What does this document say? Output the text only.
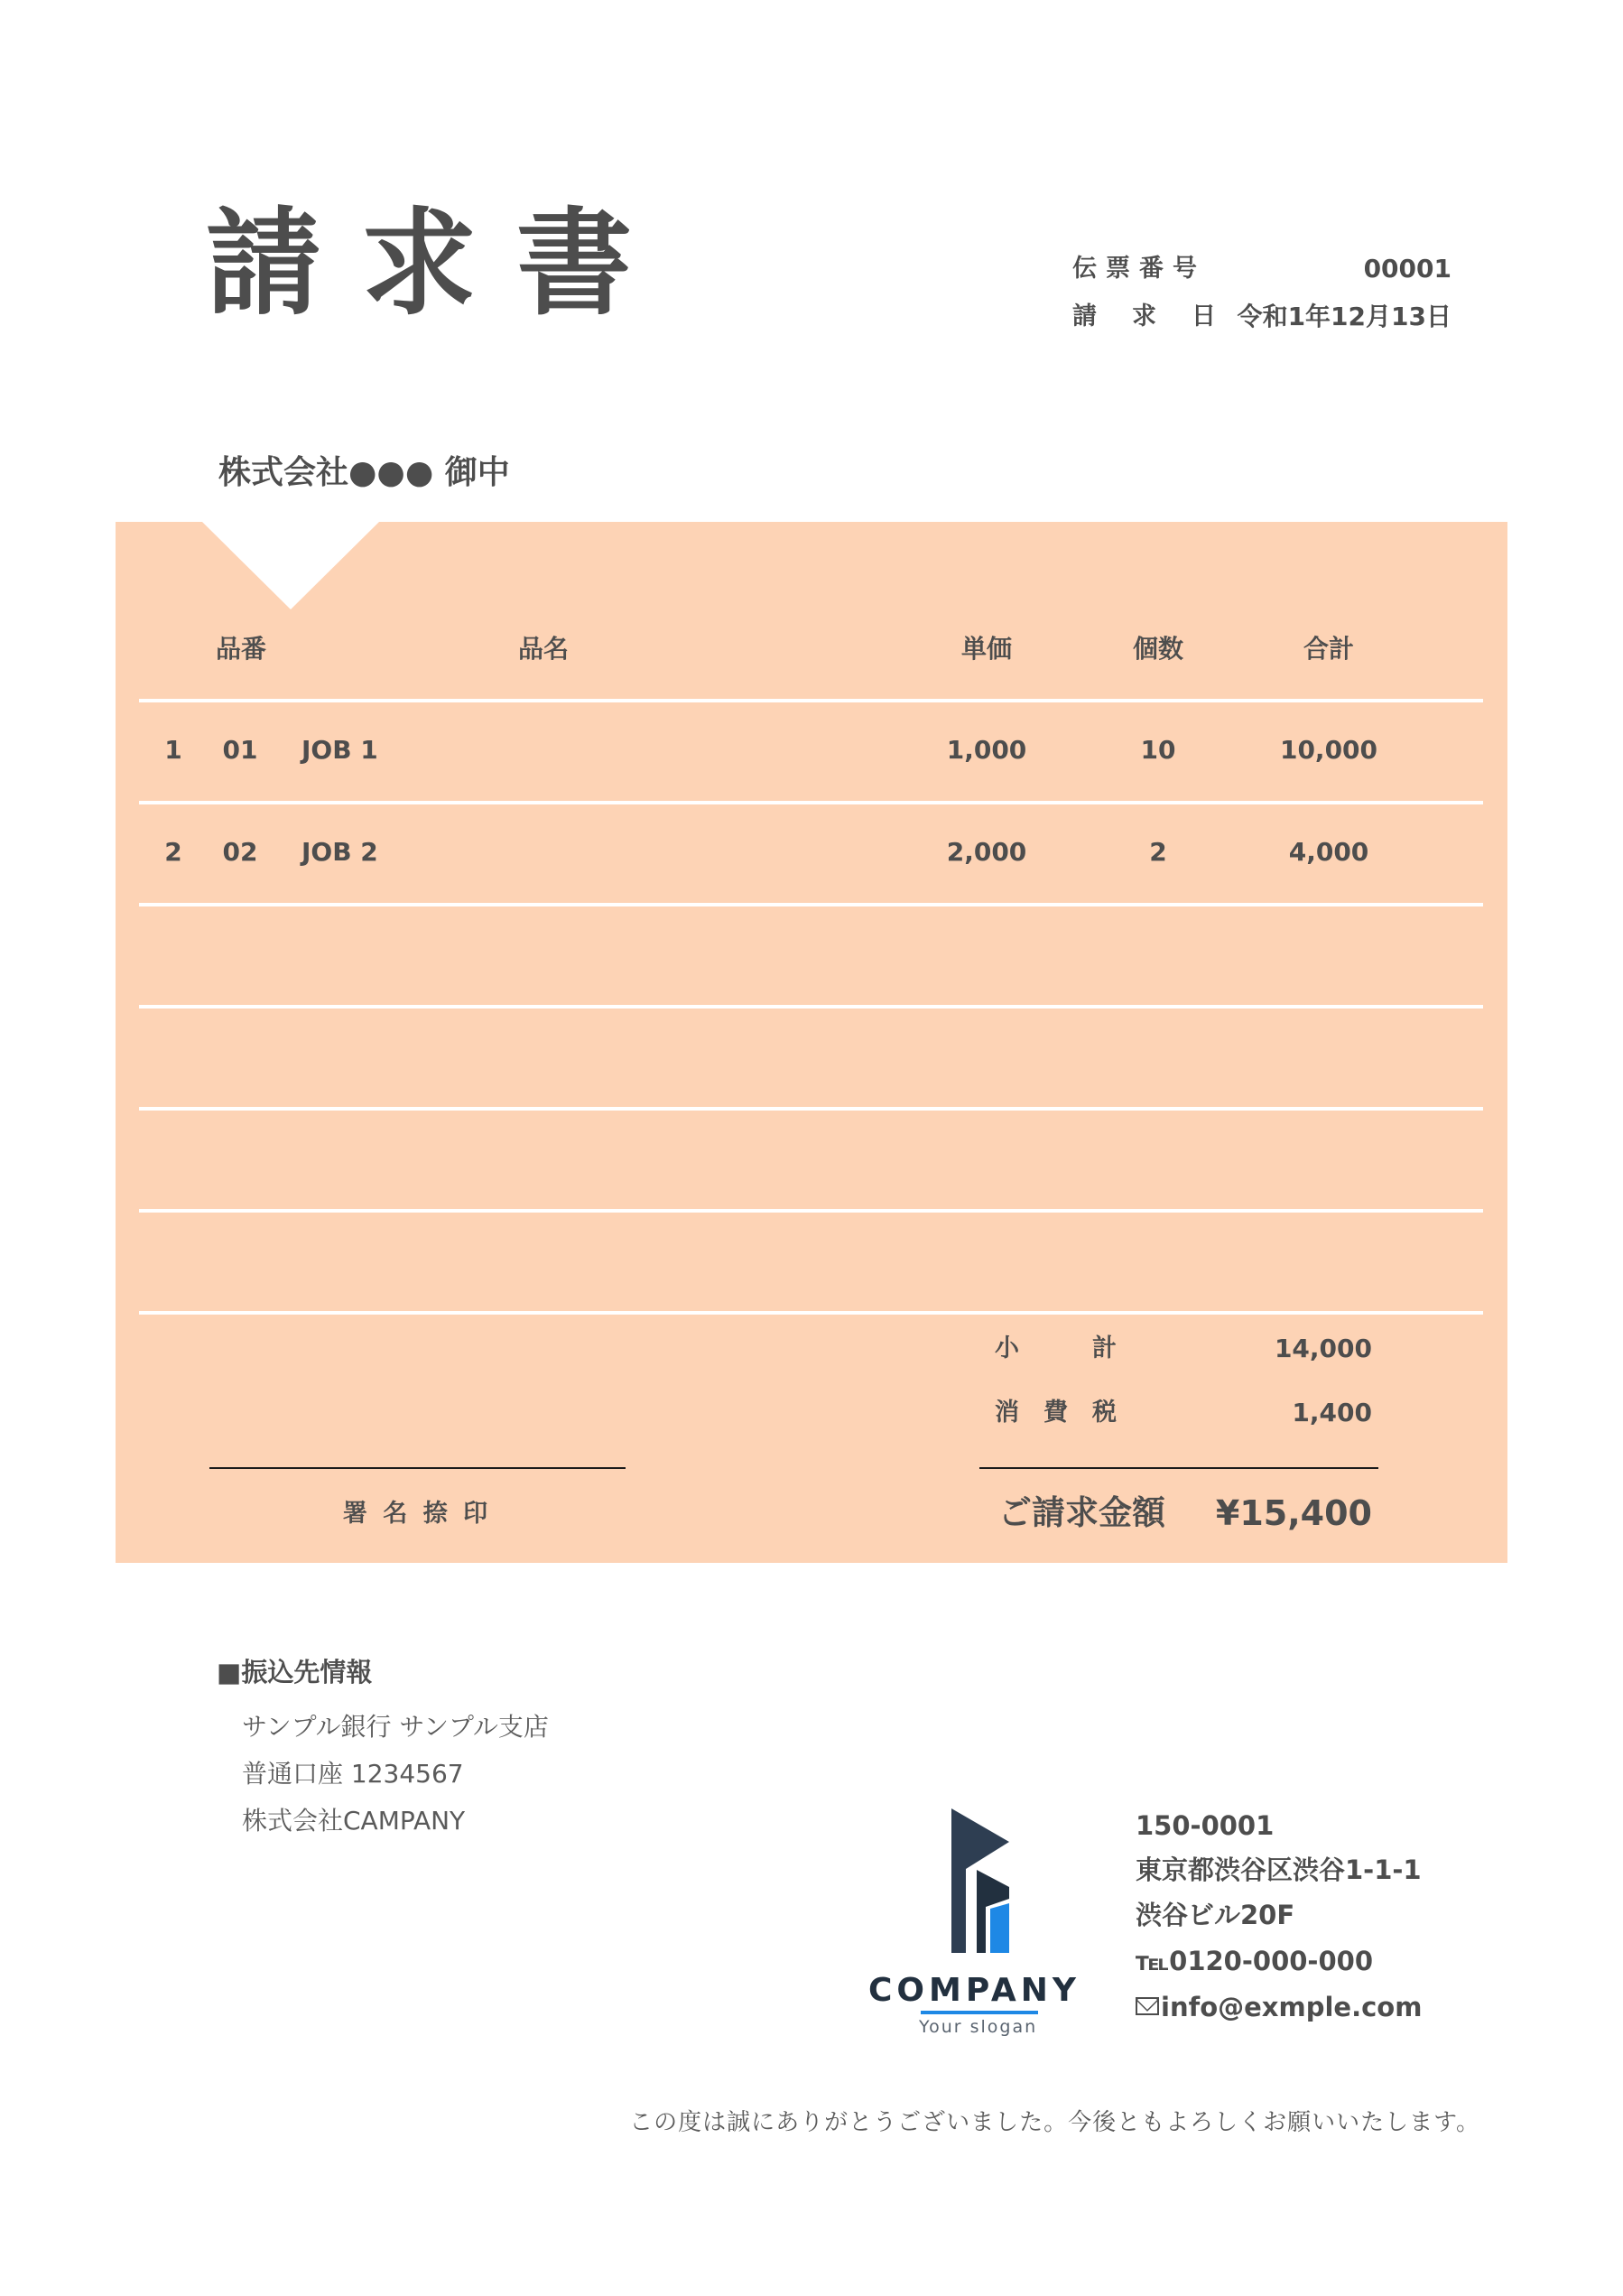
請求書	伝票番号	00001
請　求　日 令和1年12月13日
株式会社●●● 御中
品番	品名	単価	個数	合計
1 01 JOB 1	1,000	10	10,000
2 02 JOB 2	2,000	2	4,000
小　　　計	14,000
消　費　税	1,400
ご請求金額 ¥15,400
署 名 捺 印
■振込先情報
サンプル銀行 サンプル支店
普通口座 1234567
株式会社CAMPANY
COMPANY
Your slogan
150-0001
東京都渋谷区渋谷1-1-1
渋谷ビル20F
℡0120-000-000
info@exmple.com
この度は誠にありがとうございました。今後ともよろしくお願いいたします。
